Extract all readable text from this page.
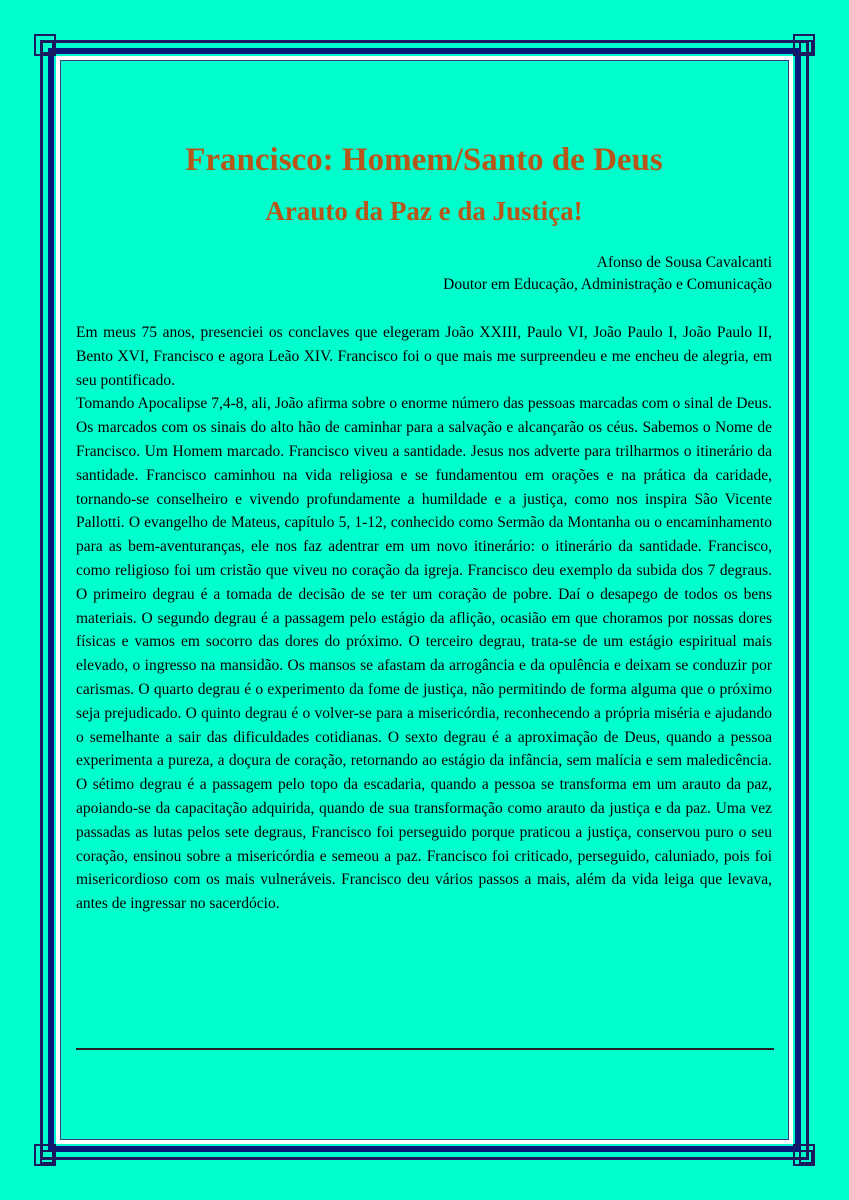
Francisco: Homem/Santo de Deus
Arauto da Paz e da Justiça!
Afonso de Sousa Cavalcanti
Doutor em Educação, Administração e Comunicação

Em meus 75 anos, presenciei os conclaves que elegeram João XXIII, Paulo VI, João Paulo I, João Paulo II, Bento XVI, Francisco e agora Leão XIV. Francisco foi o que mais me surpreendeu e me encheu de alegria, em seu pontificado.

Tomando Apocalipse 7,4-8, ali, João afirma sobre o enorme número das pessoas marcadas com o sinal de Deus. Os marcados com os sinais do alto hão de caminhar para a salvação e alcançarão os céus. Sabemos o Nome de Francisco. Um Homem marcado. Francisco viveu a santidade. Jesus nos adverte para trilharmos o itinerário da santidade. Francisco caminhou na vida religiosa e se fundamentou em orações e na prática da caridade, tornando-se conselheiro e vivendo profundamente a humildade e a justiça, como nos inspira São Vicente Pallotti. O evangelho de Mateus, capítulo 5, 1-12, conhecido como Sermão da Montanha ou o encaminhamento para as bem-aventuranças, ele nos faz adentrar em um novo itinerário: o itinerário da santidade. Francisco, como religioso foi um cristão que viveu no coração da igreja. Francisco deu exemplo da subida dos 7 degraus. O primeiro degrau é a tomada de decisão de se ter um coração de pobre. Daí o desapego de todos os bens materiais. O segundo degrau é a passagem pelo estágio da aflição, ocasião em que choramos por nossas dores físicas e vamos em socorro das dores do próximo. O terceiro degrau, trata-se de um estágio espiritual mais elevado, o ingresso na mansidão. Os mansos se afastam da arrogância e da opulência e deixam se conduzir por carismas. O quarto degrau é o experimento da fome de justiça, não permitindo de forma alguma que o próximo seja prejudicado. O quinto degrau é o volver-se para a misericórdia, reconhecendo a própria miséria e ajudando o semelhante a sair das dificuldades cotidianas. O sexto degrau é a aproximação de Deus, quando a pessoa experimenta a pureza, a doçura de coração, retornando ao estágio da infância, sem malícia e sem maledicência. O sétimo degrau é a passagem pelo topo da escadaria, quando a pessoa se transforma em um arauto da paz, apoiando-se da capacitação adquirida, quando de sua transformação como arauto da justiça e da paz. Uma vez passadas as lutas pelos sete degraus, Francisco foi perseguido porque praticou a justiça, conservou puro o seu coração, ensinou sobre a misericórdia e semeou a paz. Francisco foi criticado, perseguido, caluniado, pois foi misericordioso com os mais vulneráveis. Francisco deu vários passos a mais, além da vida leiga que levava, antes de ingressar no sacerdócio.
